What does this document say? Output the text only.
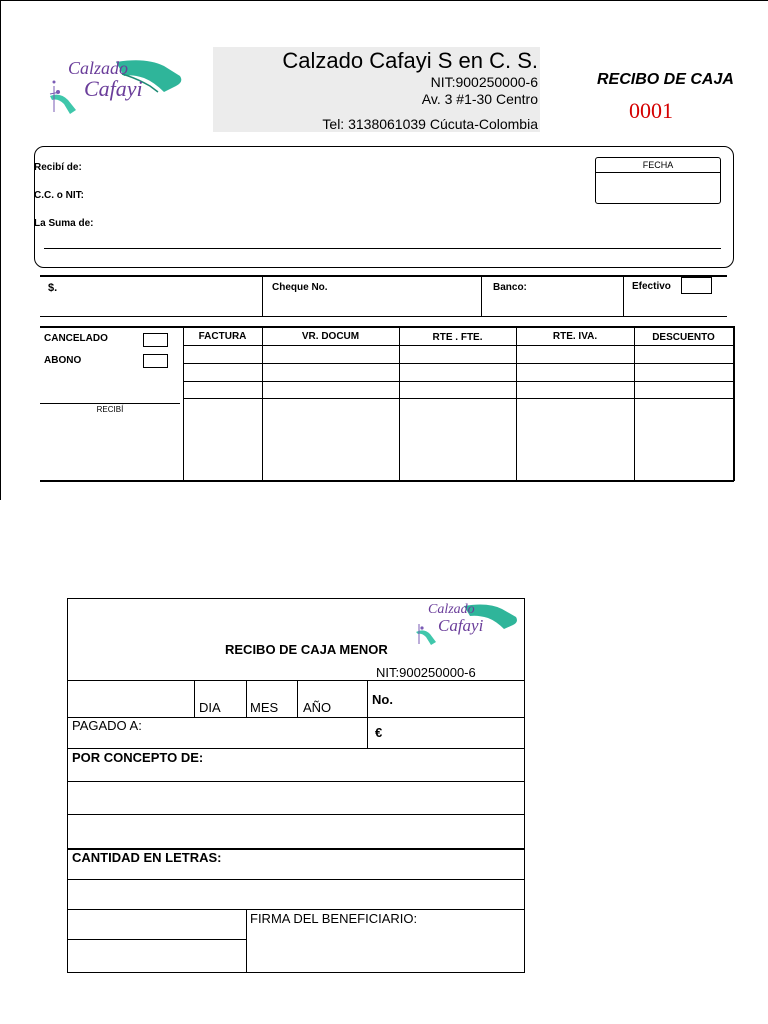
Calzado
Cafayi
Calzado Cafayi S en C. S.
NIT:900250000-6
Av. 3 #1-30 Centro
Tel: 3138061039 Cúcuta-Colombia
RECIBO DE CAJA
0001
Recibí de:
C.C. o NIT:
La Suma de:
FECHA
$.	Cheque No.	Banco:	Efectivo
FACTURA	VR. DOCUM	RTE . FTE.	RTE. IVA.	DESCUENTO
CANCELADO
ABONO
RECIBÍ
Calzado
Cafayi
RECIBO DE CAJA MENOR
NIT:900250000-6
DIA MES AÑO
No.
PAGADO A:	€
POR CONCEPTO DE:
CANTIDAD EN LETRAS:
FIRMA DEL BENEFICIARIO:
